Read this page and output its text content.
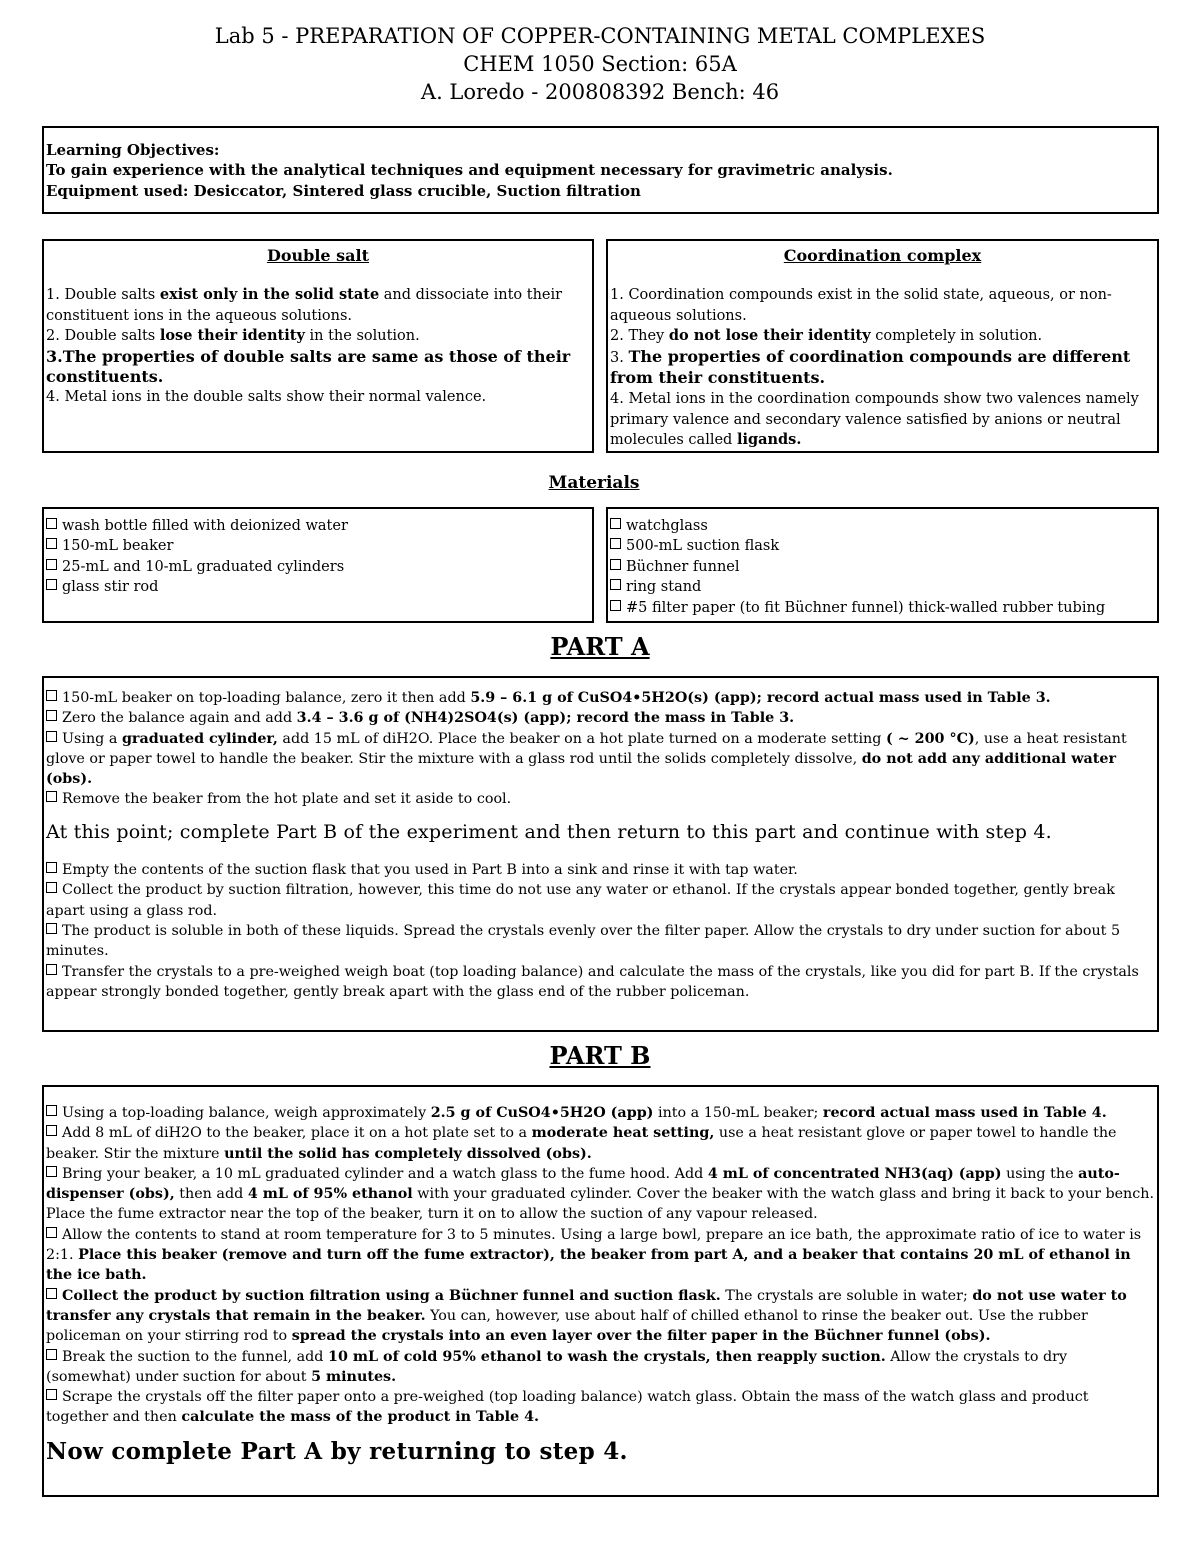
Lab 5 - PREPARATION OF COPPER-CONTAINING METAL COMPLEXES
CHEM 1050 Section: 65A
A. Loredo - 200808392 Bench: 46
Learning Objectives:
To gain experience with the analytical techniques and equipment necessary for gravimetric analysis.
Equipment used: Desiccator, Sintered glass crucible, Suction filtration
Double salt
1. Double salts exist only in the solid state and dissociate into their constituent ions in the aqueous solutions.
2. Double salts lose their identity in the solution.
3.The properties of double salts are same as those of their constituents.
4. Metal ions in the double salts show their normal valence.
Coordination complex
1. Coordination compounds exist in the solid state, aqueous, or non-aqueous solutions.
2. They do not lose their identity completely in solution.
3. The properties of coordination compounds are different from their constituents.
4. Metal ions in the coordination compounds show two valences namely primary valence and secondary valence satisfied by anions or neutral molecules called ligands.
Materials
wash bottle filled with deionized water
150-mL beaker
25-mL and 10-mL graduated cylinders
glass stir rod
watchglass
500-mL suction flask
Büchner funnel
ring stand
#5 filter paper (to fit Büchner funnel) thick-walled rubber tubing
PART A
150-mL beaker on top-loading balance, zero it then add 5.9 – 6.1 g of CuSO4•5H2O(s) (app); record actual mass used in Table 3.
Zero the balance again and add 3.4 – 3.6 g of (NH4)2SO4(s) (app); record the mass in Table 3.
Using a graduated cylinder, add 15 mL of diH2O. Place the beaker on a hot plate turned on a moderate setting ( ~ 200 °C), use a heat resistant glove or paper towel to handle the beaker. Stir the mixture with a glass rod until the solids completely dissolve, do not add any additional water (obs).
Remove the beaker from the hot plate and set it aside to cool.
At this point; complete Part B of the experiment and then return to this part and continue with step 4.
Empty the contents of the suction flask that you used in Part B into a sink and rinse it with tap water.
Collect the product by suction filtration, however, this time do not use any water or ethanol. If the crystals appear bonded together, gently break apart using a glass rod.
The product is soluble in both of these liquids. Spread the crystals evenly over the filter paper. Allow the crystals to dry under suction for about 5 minutes.
Transfer the crystals to a pre-weighed weigh boat (top loading balance) and calculate the mass of the crystals, like you did for part B. If the crystals appear strongly bonded together, gently break apart with the glass end of the rubber policeman.
PART B
Using a top-loading balance, weigh approximately 2.5 g of CuSO4•5H2O (app) into a 150-mL beaker; record actual mass used in Table 4.
Add 8 mL of diH2O to the beaker, place it on a hot plate set to a moderate heat setting, use a heat resistant glove or paper towel to handle the beaker. Stir the mixture until the solid has completely dissolved (obs).
Bring your beaker, a 10 mL graduated cylinder and a watch glass to the fume hood. Add 4 mL of concentrated NH3(aq) (app) using the auto-dispenser (obs), then add 4 mL of 95% ethanol with your graduated cylinder. Cover the beaker with the watch glass and bring it back to your bench. Place the fume extractor near the top of the beaker, turn it on to allow the suction of any vapour released.
Allow the contents to stand at room temperature for 3 to 5 minutes. Using a large bowl, prepare an ice bath, the approximate ratio of ice to water is 2:1. Place this beaker (remove and turn off the fume extractor), the beaker from part A, and a beaker that contains 20 mL of ethanol in the ice bath.
Collect the product by suction filtration using a Büchner funnel and suction flask. The crystals are soluble in water; do not use water to transfer any crystals that remain in the beaker. You can, however, use about half of chilled ethanol to rinse the beaker out. Use the rubber policeman on your stirring rod to spread the crystals into an even layer over the filter paper in the Büchner funnel (obs).
Break the suction to the funnel, add 10 mL of cold 95% ethanol to wash the crystals, then reapply suction. Allow the crystals to dry (somewhat) under suction for about 5 minutes.
Scrape the crystals off the filter paper onto a pre-weighed (top loading balance) watch glass. Obtain the mass of the watch glass and product together and then calculate the mass of the product in Table 4.
Now complete Part A by returning to step 4.
